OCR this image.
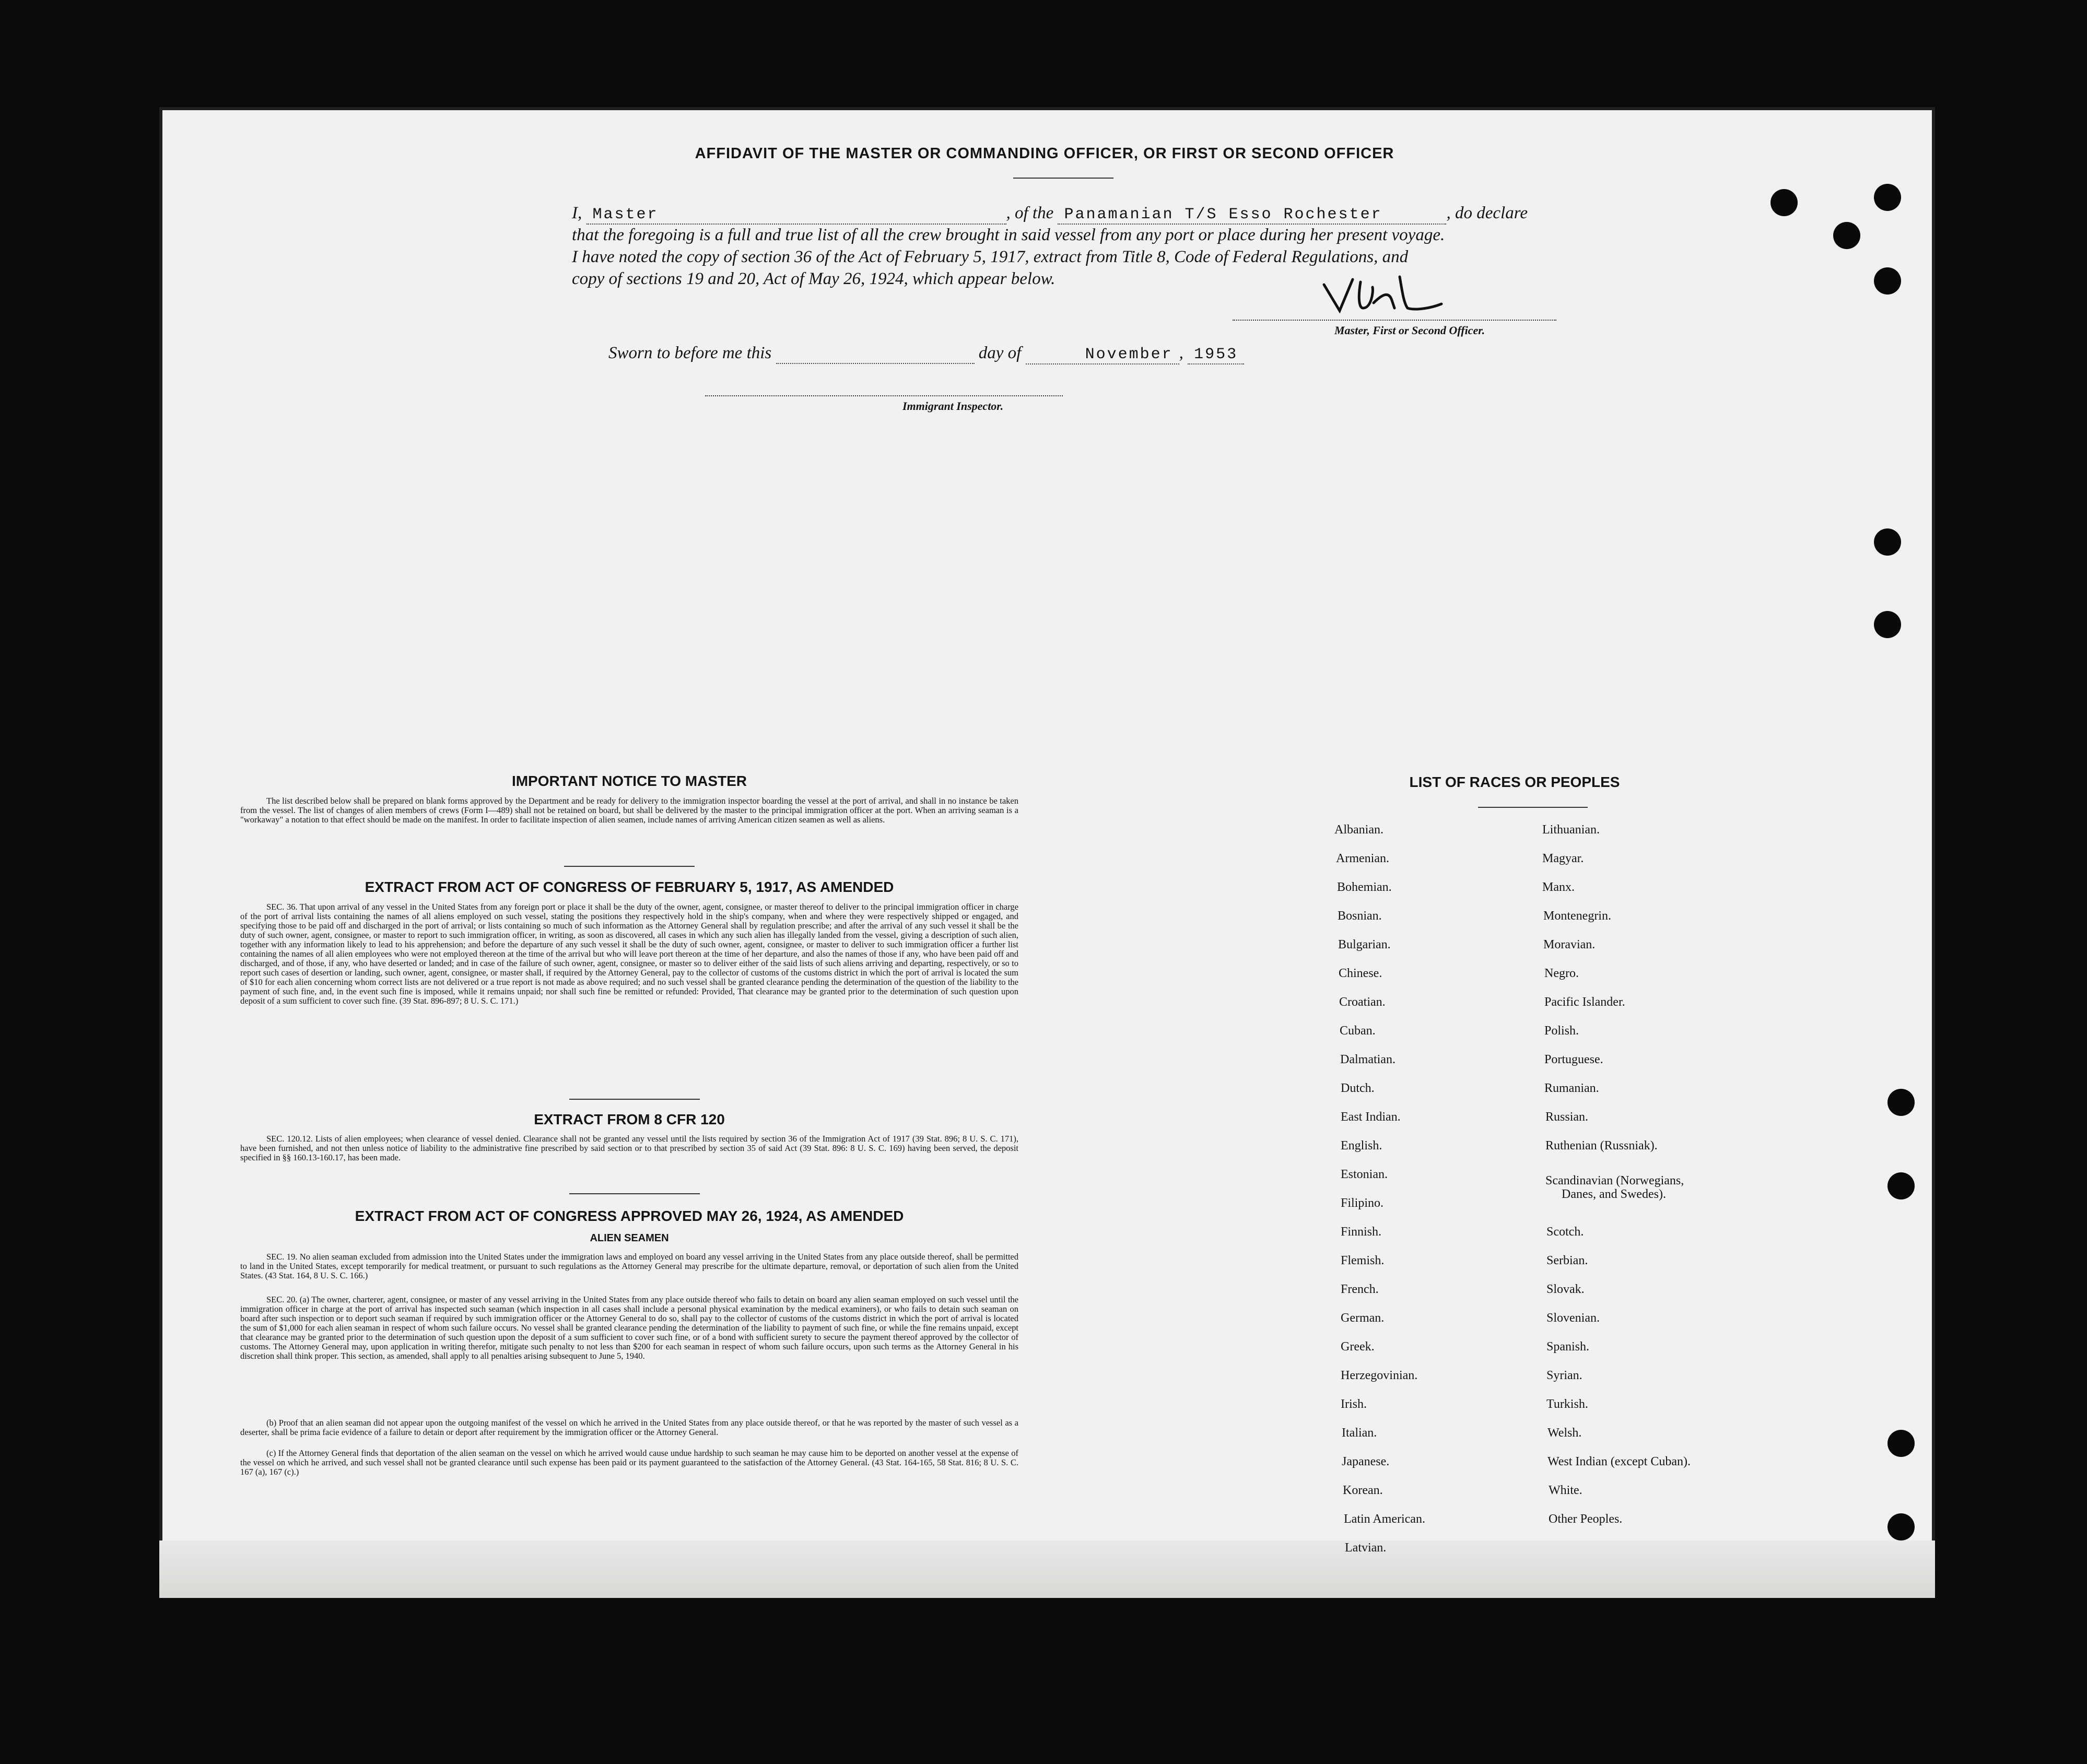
AFFIDAVIT OF THE MASTER OR COMMANDING OFFICER, OR FIRST OR SECOND OFFICER
I, Master	, of the Panamanian T/S Esso Rochester	, do declare
that the foregoing is a full and true list of all the crew brought in said vessel from any port or place during her present voyage.
I have noted the copy of section 36 of the Act of February 5, 1917, extract from Title 8, Code of Federal Regulations, and
copy of sections 19 and 20, Act of May 26, 1924, which appear below.
Master, First or Second Officer.
Sworn to before me this	day of	November , 1953
Immigrant Inspector.
IMPORTANT NOTICE TO MASTER
The list described below shall be prepared on blank forms approved by the Department and be ready for delivery to the immigration inspector boarding the vessel at the port of arrival, and shall in no instance be taken from the vessel. The list of changes of alien members of crews (Form I—489) shall not be retained on board, but shall be delivered by the master to the principal immigration officer at the port. When an arriving seaman is a "workaway" a notation to that effect should be made on the manifest. In order to facilitate inspection of alien seamen, include names of arriving American citizen seamen as well as aliens.
EXTRACT FROM ACT OF CONGRESS OF FEBRUARY 5, 1917, AS AMENDED
SEC. 36. That upon arrival of any vessel in the United States from any foreign port or place it shall be the duty of the owner, agent, consignee, or master thereof to deliver to the principal immigration officer in charge of the port of arrival lists containing the names of all aliens employed on such vessel, stating the positions they respectively hold in the ship's company, when and where they were respectively shipped or engaged, and specifying those to be paid off and discharged in the port of arrival; or lists containing so much of such information as the Attorney General shall by regulation prescribe; and after the arrival of any such vessel it shall be the duty of such owner, agent, consignee, or master to report to such immigration officer, in writing, as soon as discovered, all cases in which any such alien has illegally landed from the vessel, giving a description of such alien, together with any information likely to lead to his apprehension; and before the departure of any such vessel it shall be the duty of such owner, agent, consignee, or master to deliver to such immigration officer a further list containing the names of all alien employees who were not employed thereon at the time of the arrival but who will leave port thereon at the time of her departure, and also the names of those if any, who have been paid off and discharged, and of those, if any, who have deserted or landed; and in case of the failure of such owner, agent, consignee, or master so to deliver either of the said lists of such aliens arriving and departing, respectively, or so to report such cases of desertion or landing, such owner, agent, consignee, or master shall, if required by the Attorney General, pay to the collector of customs of the customs district in which the port of arrival is located the sum of $10 for each alien concerning whom correct lists are not delivered or a true report is not made as above required; and no such vessel shall be granted clearance pending the determination of the question of the liability to the payment of such fine, and, in the event such fine is imposed, while it remains unpaid; nor shall such fine be remitted or refunded: Provided, That clearance may be granted prior to the determination of such question upon deposit of a sum sufficient to cover such fine. (39 Stat. 896-897; 8 U. S. C. 171.)
EXTRACT FROM 8 CFR 120
SEC. 120.12. Lists of alien employees; when clearance of vessel denied. Clearance shall not be granted any vessel until the lists required by section 36 of the Immigration Act of 1917 (39 Stat. 896; 8 U. S. C. 171), have been furnished, and not then unless notice of liability to the administrative fine prescribed by said section or to that prescribed by section 35 of said Act (39 Stat. 896: 8 U. S. C. 169) having been served, the deposit specified in §§ 160.13-160.17, has been made.
EXTRACT FROM ACT OF CONGRESS APPROVED MAY 26, 1924, AS AMENDED
ALIEN SEAMEN
SEC. 19. No alien seaman excluded from admission into the United States under the immigration laws and employed on board any vessel arriving in the United States from any place outside thereof, shall be permitted to land in the United States, except temporarily for medical treatment, or pursuant to such regulations as the Attorney General may prescribe for the ultimate departure, removal, or deportation of such alien from the United States. (43 Stat. 164, 8 U. S. C. 166.)
SEC. 20. (a) The owner, charterer, agent, consignee, or master of any vessel arriving in the United States from any place outside thereof who fails to detain on board any alien seaman employed on such vessel until the immigration officer in charge at the port of arrival has inspected such seaman (which inspection in all cases shall include a personal physical examination by the medical examiners), or who fails to detain such seaman on board after such inspection or to deport such seaman if required by such immigration officer or the Attorney General to do so, shall pay to the collector of customs of the customs district in which the port of arrival is located the sum of $1,000 for each alien seaman in respect of whom such failure occurs. No vessel shall be granted clearance pending the determination of the liability to payment of such fine, or while the fine remains unpaid, except that clearance may be granted prior to the determination of such question upon the deposit of a sum sufficient to cover such fine, or of a bond with sufficient surety to secure the payment thereof approved by the collector of customs. The Attorney General may, upon application in writing therefor, mitigate such penalty to not less than $200 for each seaman in respect of whom such failure occurs, upon such terms as the Attorney General in his discretion shall think proper. This section, as amended, shall apply to all penalties arising subsequent to June 5, 1940.
(b) Proof that an alien seaman did not appear upon the outgoing manifest of the vessel on which he arrived in the United States from any place outside thereof, or that he was reported by the master of such vessel as a deserter, shall be prima facie evidence of a failure to detain or deport after requirement by the immigration officer or the Attorney General.
(c) If the Attorney General finds that deportation of the alien seaman on the vessel on which he arrived would cause undue hardship to such seaman he may cause him to be deported on another vessel at the expense of the vessel on which he arrived, and such vessel shall not be granted clearance until such expense has been paid or its payment guaranteed to the satisfaction of the Attorney General. (43 Stat. 164-165, 58 Stat. 816; 8 U. S. C. 167 (a), 167 (c).)
LIST OF RACES OR PEOPLES
Albanian.
Armenian.
Bohemian.
Bosnian.
Bulgarian.
Chinese.
Croatian.
Cuban.
Dalmatian.
Dutch.
East Indian.
English.
Estonian.
Filipino.
Finnish.
Flemish.
French.
German.
Greek.
Herzegovinian.
Irish.
Italian.
Japanese.
Korean.
Latin American.
Latvian.
Lithuanian.
Magyar.
Manx.
Montenegrin.
Moravian.
Negro.
Pacific Islander.
Polish.
Portuguese.
Rumanian.
Russian.
Ruthenian (Russniak).
Scandinavian (Norwegians,
Danes, and Swedes).
Scotch.
Serbian.
Slovak.
Slovenian.
Spanish.
Syrian.
Turkish.
Welsh.
West Indian (except Cuban).
White.
Other Peoples.
